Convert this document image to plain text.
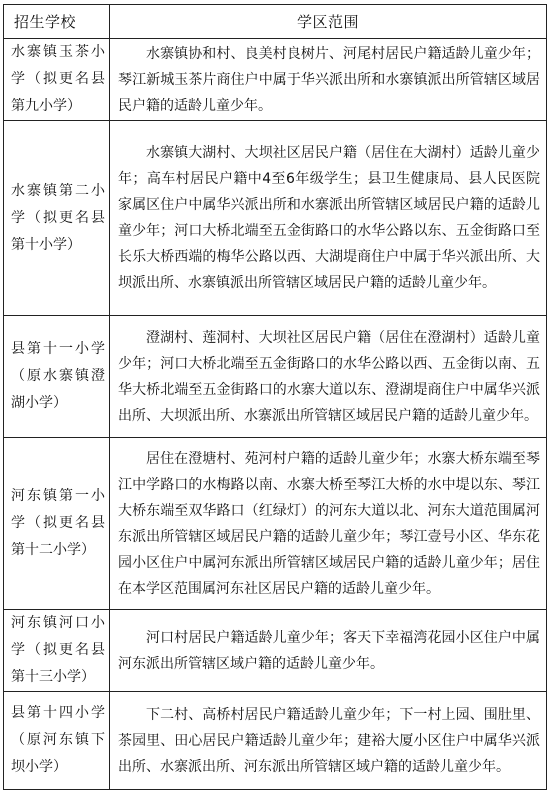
招生学校	学区范围
水寨镇玉茶小学（拟更名县第九小学）	水寨镇协和村、良美村良树片、河尾村居民户籍适龄儿童少年；琴江新城玉茶片商住户中属于华兴派出所和水寨镇派出所管辖区域居民户籍的适龄儿童少年。

水寨镇第二小学（拟更名县第十小学）	水寨镇大湖村、大坝社区居民户籍（居住在大湖村）适龄儿童少年；高车村居民户籍中4至6年级学生；县卫生健康局、县人民医院家属区住户中属华兴派出所和水寨派出所管辖区域居民户籍的适龄儿童少年；河口大桥北端至五金街路口的水华公路以东、五金街路口至长乐大桥西端的梅华公路以西、大湖堤商住户中属于华兴派出所、大坝派出所、水寨镇派出所管辖区域居民户籍的适龄儿童少年。

县第十一小学（原水寨镇澄湖小学）	澄湖村、莲洞村、大坝社区居民户籍（居住在澄湖村）适龄儿童少年；河口大桥北端至五金街路口的水华公路以西、五金街以南、五华大桥北端至五金街路口的水寨大道以东、澄湖堤商住户中属华兴派出所、大坝派出所、水寨派出所管辖区域居民户籍的适龄儿童少年。

河东镇第一小学（拟更名县第十二小学）	居住在澄塘村、苑河村户籍的适龄儿童少年；水寨大桥东端至琴江中学路口的水梅路以南、水寨大桥至琴江大桥的水中堤以东、琴江大桥东端至双华路口（红绿灯）的河东大道以北、河东大道范围属河东派出所管辖区域居民户籍的适龄儿童少年；琴江壹号小区、华东花园小区住户中属河东派出所管辖区域居民户籍的适龄儿童少年；居住在本学区范围属河东社区居民户籍的适龄儿童少年。

河东镇河口小学（拟更名县第十三小学）	河口村居民户籍适龄儿童少年；客天下幸福湾花园小区住户中属河东派出所管辖区域户籍的适龄儿童少年。

县第十四小学（原河东镇下坝小学）	下二村、高桥村居民户籍适龄儿童少年；下一村上园、围肚里、茶园里、田心居民户籍适龄儿童少年；建裕大厦小区住户中属华兴派出所、水寨派出所、河东派出所管辖区域户籍的适龄儿童少年。
